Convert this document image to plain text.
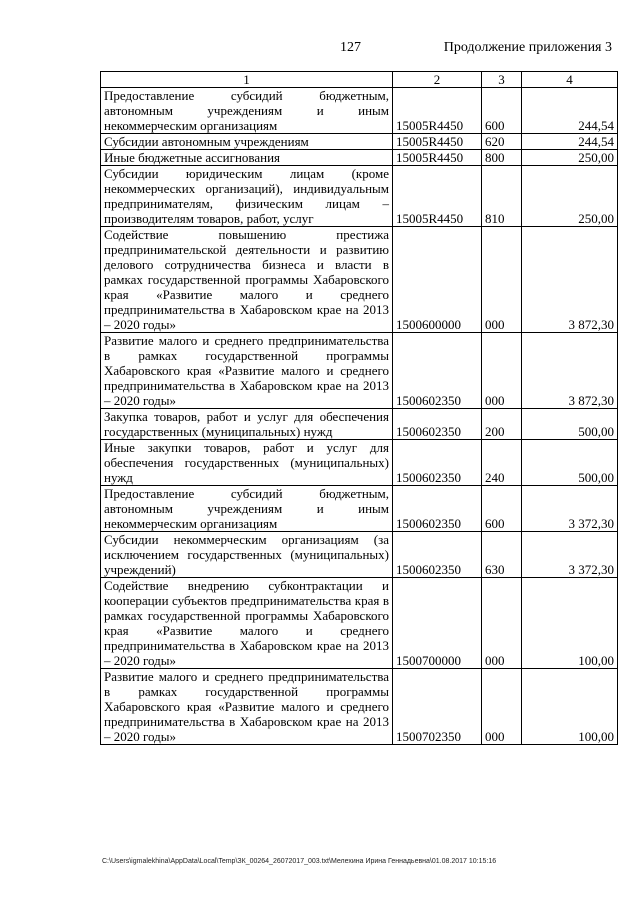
127	Продолжение приложения 3
1	2	3	4
Предоставление субсидий бюджетным, автономным учреждениям и иным некоммерческим организациям	15005R4450	600	244,54
Субсидии автономным учреждениям	15005R4450	620	244,54
Иные бюджетные ассигнования	15005R4450	800	250,00
Субсидии юридическим лицам (кроме некоммерческих организаций), индивидуальным предпринимателям, физическим лицам – производителям товаров, работ, услуг	15005R4450	810	250,00
Содействие повышению престижа предпринимательской деятельности и развитию делового сотрудничества бизнеса и власти в рамках государственной программы Хабаровского края «Развитие малого и среднего предпринимательства в Хабаровском крае на 2013 – 2020 годы»	1500600000	000	3 872,30
Развитие малого и среднего предпринимательства в рамках государственной программы Хабаровского края «Развитие малого и среднего предпринимательства в Хабаровском крае на 2013 – 2020 годы»	1500602350	000	3 872,30
Закупка товаров, работ и услуг для обеспечения государственных (муниципальных) нужд	1500602350	200	500,00
Иные закупки товаров, работ и услуг для обеспечения государственных (муниципальных) нужд	1500602350	240	500,00
Предоставление субсидий бюджетным, автономным учреждениям и иным некоммерческим организациям	1500602350	600	3 372,30
Субсидии некоммерческим организациям (за исключением государственных (муниципальных) учреждений)	1500602350	630	3 372,30
Содействие внедрению субконтрактации и кооперации субъектов предпринимательства края в рамках государственной программы Хабаровского края «Развитие малого и среднего предпринимательства в Хабаровском крае на 2013 – 2020 годы»	1500700000	000	100,00
Развитие малого и среднего предпринимательства в рамках государственной программы Хабаровского края «Развитие малого и среднего предпринимательства в Хабаровском крае на 2013 – 2020 годы»	1500702350	000	100,00
C:\Users\igmalekhina\AppData\Local\Temp\ЗК_00264_26072017_003.txt\Мелехина Ирина Геннадьевна\01.08.2017 10:15:16
